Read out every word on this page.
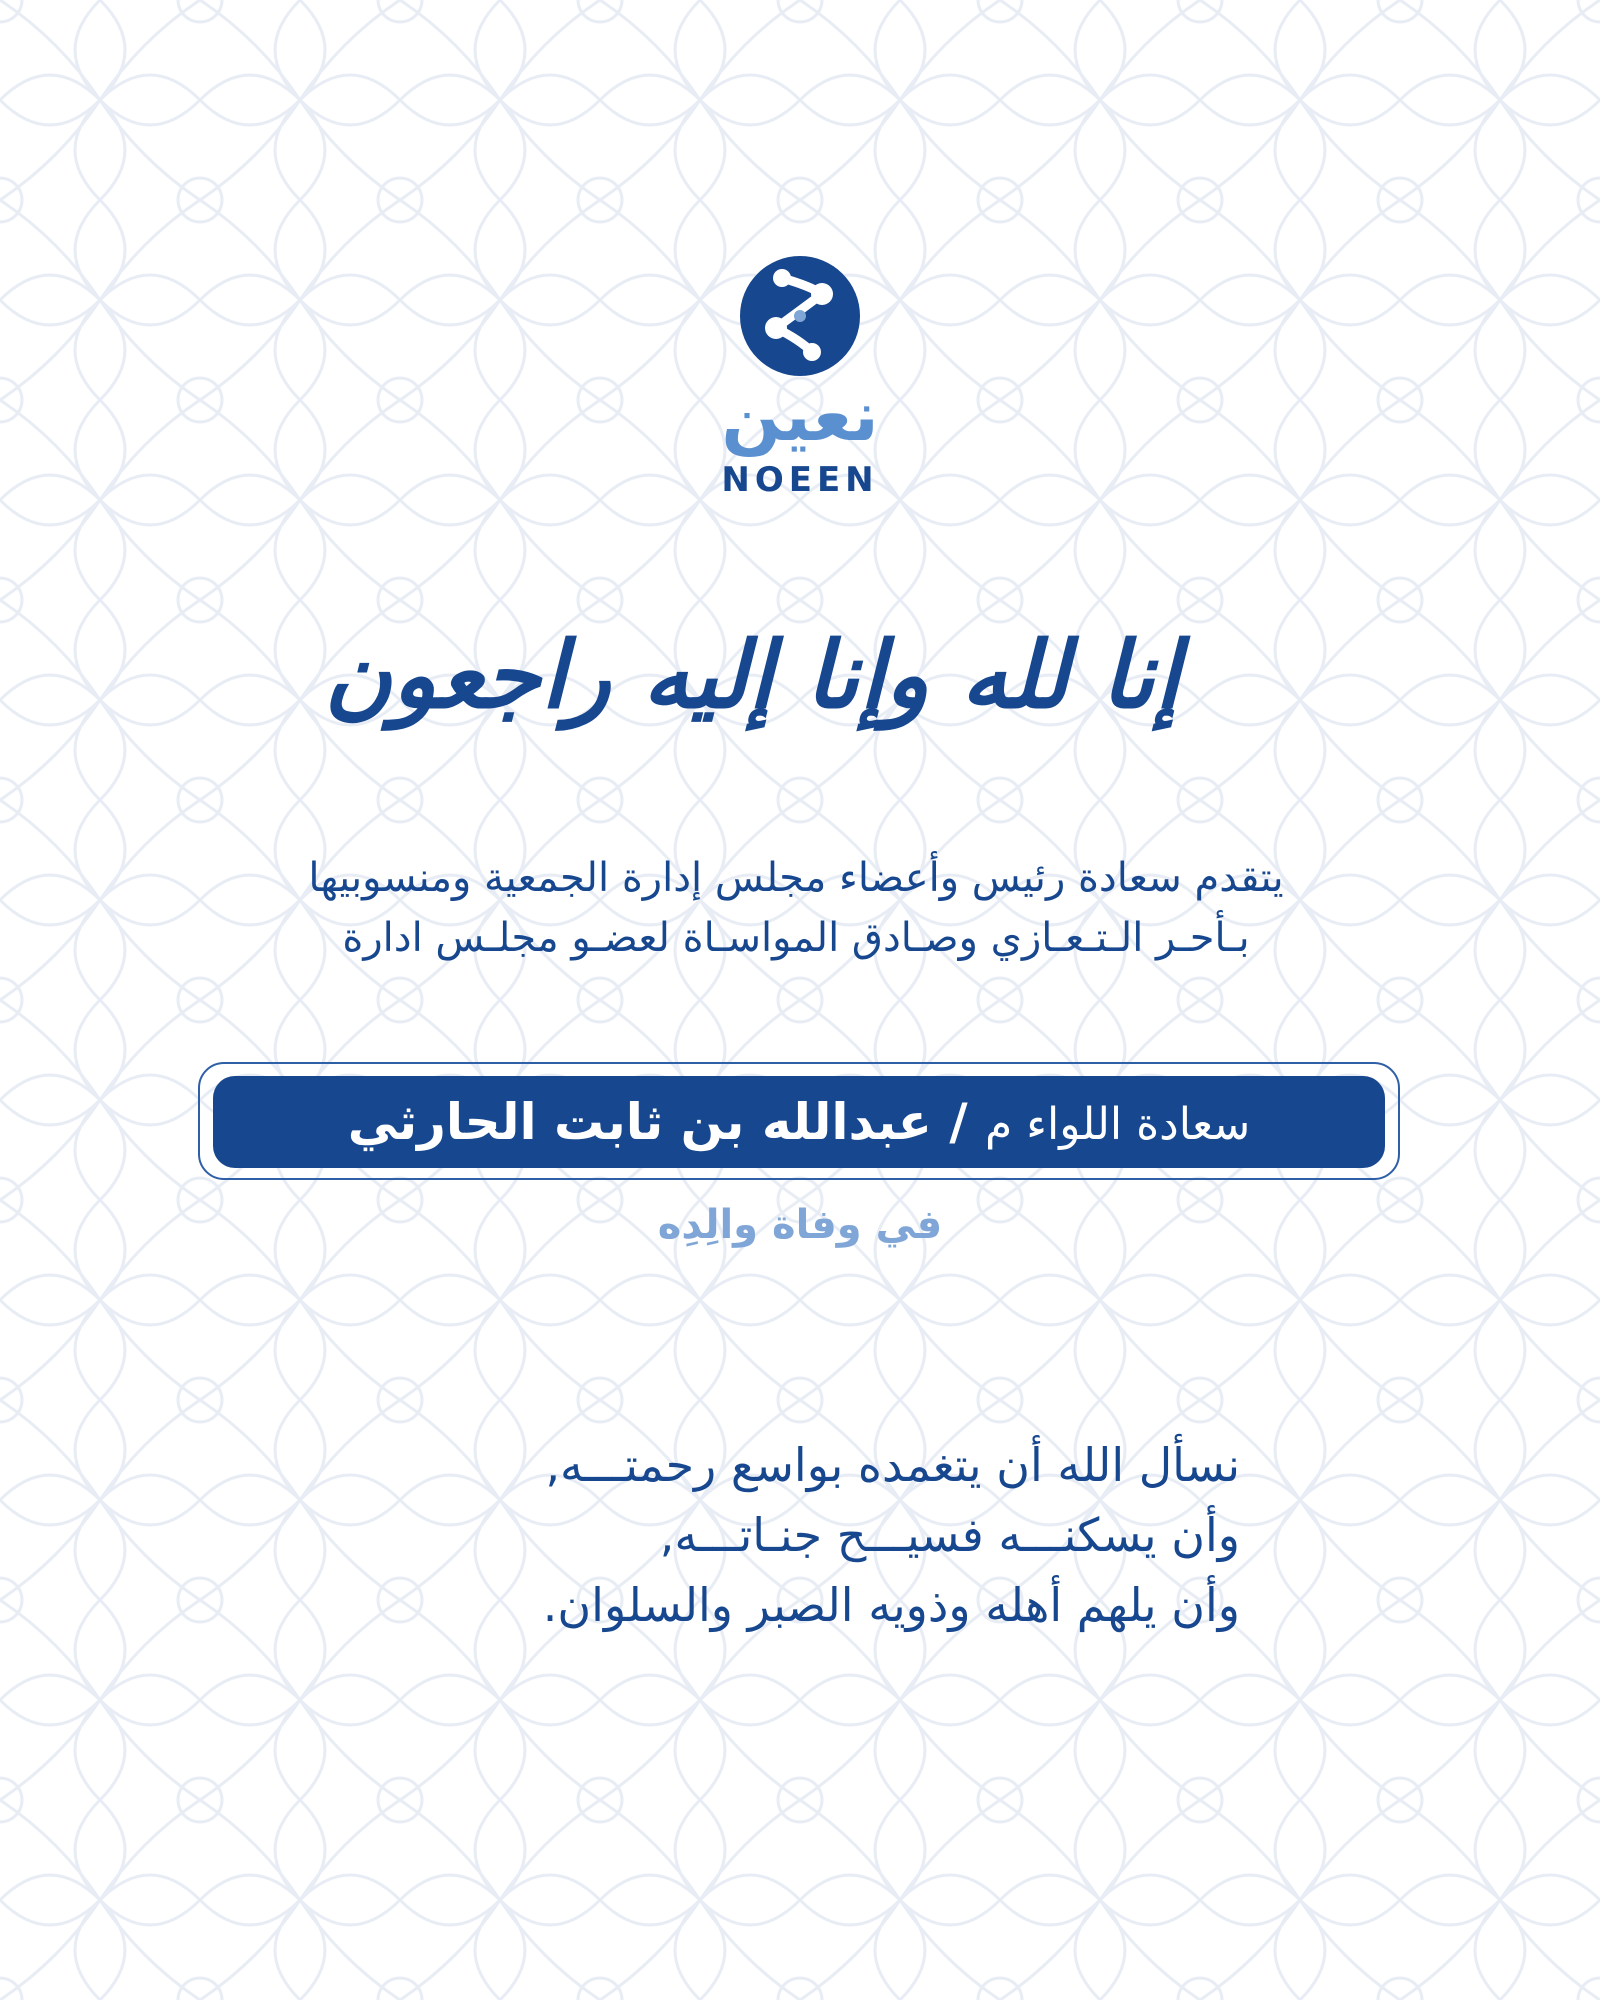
نعين
NOEEN
إنا لله وإنا إليه راجعون
يتقدم سعادة رئيس وأعضاء مجلس إدارة الجمعية ومنسوبيها
بـأحـر الـتـعـازي وصـادق المواسـاة لعضـو مجلـس ادارة
سعادة اللواء م / عبدالله بن ثابت الحارثي
في وفاة والِدِه
نسأل الله أن يتغمده بواسع رحمتـــه,
وأن يسكنـــه فسيـــح جنـاتـــه,
وأن يلهم أهله وذويه الصبر والسلوان.
